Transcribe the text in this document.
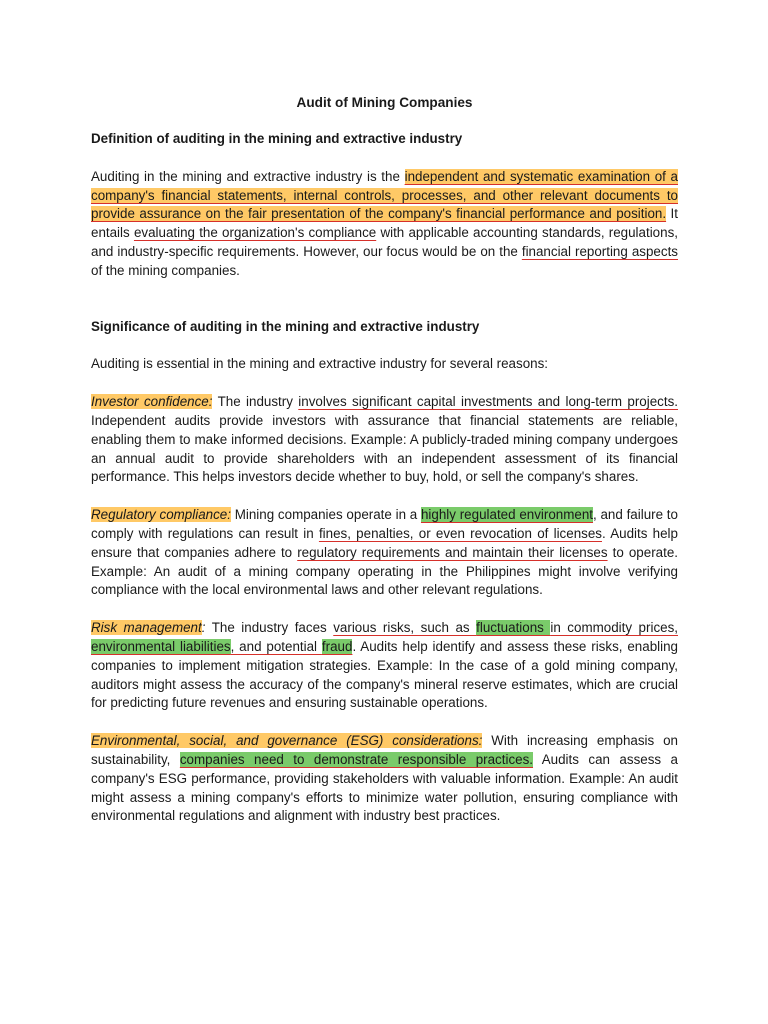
Audit of Mining Companies
Definition of auditing in the mining and extractive industry

Auditing in the mining and extractive industry is the independent and systematic examination of a company's financial statements, internal controls, processes, and other relevant documents to provide assurance on the fair presentation of the company's financial performance and position. It entails evaluating the organization's compliance with applicable accounting standards, regulations, and industry-specific requirements. However, our focus would be on the financial reporting aspects of the mining companies.

Significance of auditing in the mining and extractive industry

Auditing is essential in the mining and extractive industry for several reasons:

Investor confidence: The industry involves significant capital investments and long-term projects. Independent audits provide investors with assurance that financial statements are reliable, enabling them to make informed decisions. Example: A publicly-traded mining company undergoes an annual audit to provide shareholders with an independent assessment of its financial performance. This helps investors decide whether to buy, hold, or sell the company's shares.

Regulatory compliance: Mining companies operate in a highly regulated environment, and failure to comply with regulations can result in fines, penalties, or even revocation of licenses. Audits help ensure that companies adhere to regulatory requirements and maintain their licenses to operate. Example: An audit of a mining company operating in the Philippines might involve verifying compliance with the local environmental laws and other relevant regulations.

Risk management: The industry faces various risks, such as fluctuations in commodity prices, environmental liabilities, and potential fraud. Audits help identify and assess these risks, enabling companies to implement mitigation strategies. Example: In the case of a gold mining company, auditors might assess the accuracy of the company's mineral reserve estimates, which are crucial for predicting future revenues and ensuring sustainable operations.

Environmental, social, and governance (ESG) considerations: With increasing emphasis on sustainability, companies need to demonstrate responsible practices. Audits can assess a company's ESG performance, providing stakeholders with valuable information. Example: An audit might assess a mining company's efforts to minimize water pollution, ensuring compliance with environmental regulations and alignment with industry best practices.
